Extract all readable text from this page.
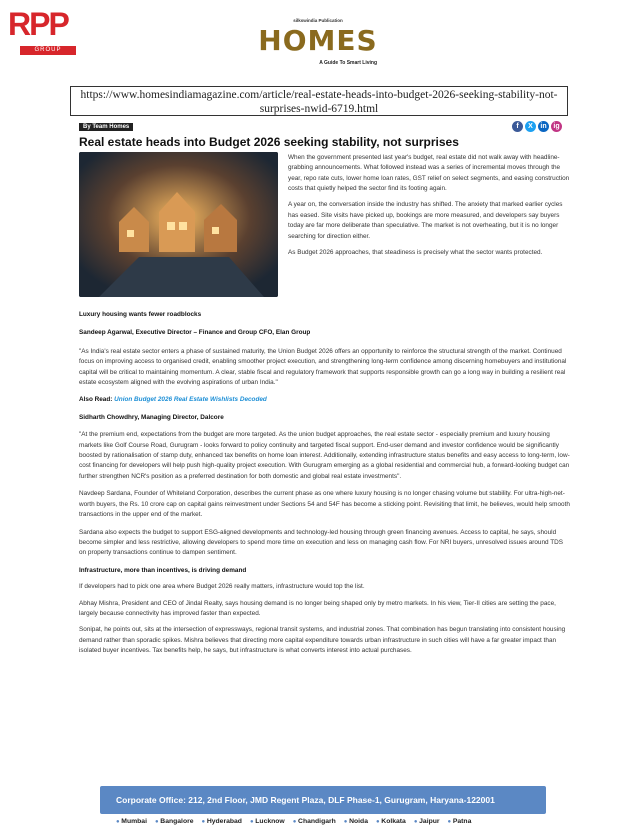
RPP
GROUP
silkswindia Publication
HOMES
A Guide To Smart Living
https://www.homesindiamagazine.com/article/real-estate-heads-into-budget-2026-seeking-stability-not-surprises-nwid-6719.html
By Team Homes	f	X	in ig
Real estate heads into Budget 2026 seeking stability, not surprises

When the government presented last year's budget, real estate did not walk away with headline-grabbing announcements. What followed instead was a series of incremental moves through the year, repo rate cuts, lower home loan rates, GST relief on select segments, and easing construction costs that quietly helped the sector find its footing again.

A year on, the conversation inside the industry has shifted. The anxiety that marked earlier cycles has eased. Site visits have picked up, bookings are more measured, and developers say buyers today are far more deliberate than speculative. The market is not overheating, but it is no longer searching for direction either.

As Budget 2026 approaches, that steadiness is precisely what the sector wants protected.

Luxury housing wants fewer roadblocks

Sandeep Agarwal, Executive Director – Finance and Group CFO, Elan Group

"As India's real estate sector enters a phase of sustained maturity, the Union Budget 2026 offers an opportunity to reinforce the structural strength of the market. Continued focus on improving access to organised credit, enabling smoother project execution, and strengthening long-term confidence among discerning homebuyers and institutional capital will be critical to maintaining momentum. A clear, stable fiscal and regulatory framework that supports responsible growth can go a long way in building a resilient real estate ecosystem aligned with the evolving aspirations of urban India."

Also Read: Union Budget 2026 Real Estate Wishlists Decoded

Sidharth Chowdhry, Managing Director, Dalcore

"At the premium end, expectations from the budget are more targeted. As the union budget approaches, the real estate sector - especially premium and luxury housing markets like Golf Course Road, Gurugram - looks forward to policy continuity and targeted fiscal support. End-user demand and investor confidence would be significantly boosted by rationalisation of stamp duty, enhanced tax benefits on home loan interest. Additionally, extending infrastructure status benefits and easy access to long-term, low-cost financing for developers will help push high-quality project execution. With Gurugram emerging as a global residential and commercial hub, a forward-looking budget can further strengthen NCR's position as a preferred destination for both domestic and global real estate investments".

Navdeep Sardana, Founder of Whiteland Corporation, describes the current phase as one where luxury housing is no longer chasing volume but stability. For ultra-high-net-worth buyers, the Rs. 10 crore cap on capital gains reinvestment under Sections 54 and 54F has become a sticking point. Revisiting that limit, he believes, would help smooth transactions in the upper end of the market.

Sardana also expects the budget to support ESG-aligned developments and technology-led housing through green financing avenues. Access to capital, he says, should become simpler and less restrictive, allowing developers to spend more time on execution and less on managing cash flow. For NRI buyers, unresolved issues around TDS on property transactions continue to dampen sentiment.

Infrastructure, more than incentives, is driving demand

If developers had to pick one area where Budget 2026 really matters, infrastructure would top the list.

Abhay Mishra, President and CEO of Jindal Realty, says housing demand is no longer being shaped only by metro markets. In his view, Tier-II cities are setting the pace, largely because connectivity has improved faster than expected.

Sonipat, he points out, sits at the intersection of expressways, regional transit systems, and industrial zones. That combination has begun translating into consistent housing demand rather than sporadic spikes. Mishra believes that directing more capital expenditure towards urban infrastructure in such cities will have a far greater impact than isolated buyer incentives. Tax benefits help, he says, but infrastructure is what converts interest into actual purchases.

Corporate Office: 212, 2nd Floor, JMD Regent Plaza, DLF Phase-1, Gurugram, Haryana-122001
● Mumbai	● Bangalore	● Hyderabad	● Lucknow	● Chandigarh	● Noida	● Kolkata	● Jaipur	● Patna
